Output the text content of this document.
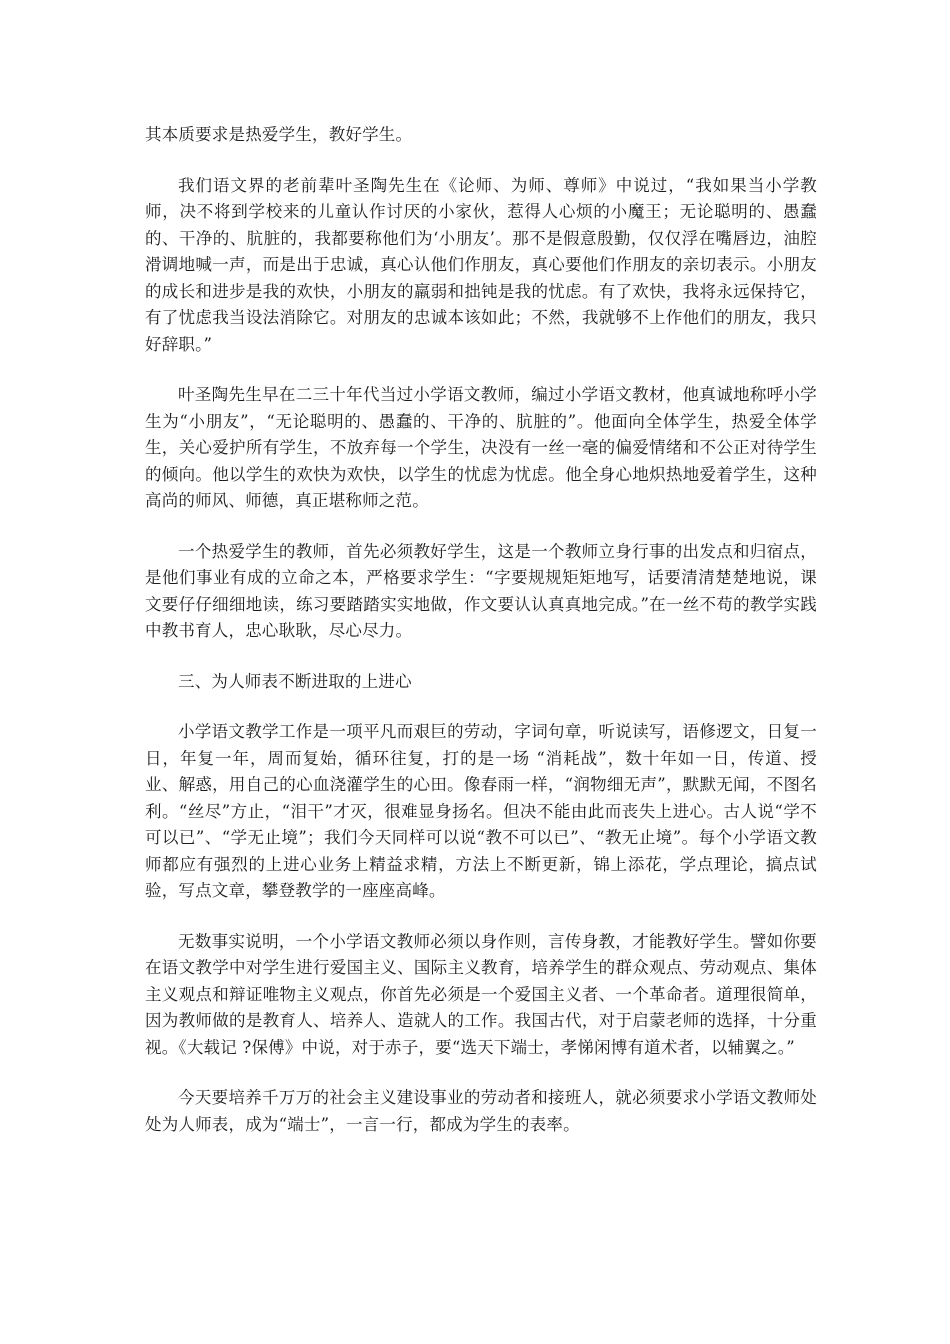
其本质要求是热爱学生，教好学生。

我们语文界的老前辈叶圣陶先生在《论师、为师、尊师》中说过，“我如果当小学教师，决不将到学校来的儿童认作讨厌的小家伙，惹得人心烦的小魔王；无论聪明的、愚蠢的、干净的、肮脏的，我都要称他们为‘小朋友’。那不是假意殷勤，仅仅浮在嘴唇边，油腔滑调地喊一声，而是出于忠诚，真心认他们作朋友，真心要他们作朋友的亲切表示。小朋友的成长和进步是我的欢快，小朋友的羸弱和拙钝是我的忧虑。有了欢快，我将永远保持它，有了忧虑我当设法消除它。对朋友的忠诚本该如此；不然，我就够不上作他们的朋友，我只好辞职。”

叶圣陶先生早在二三十年代当过小学语文教师，编过小学语文教材，他真诚地称呼小学生为“小朋友”，“无论聪明的、愚蠢的、干净的、肮脏的”。他面向全体学生，热爱全体学生，关心爱护所有学生，不放弃每一个学生，决没有一丝一毫的偏爱情绪和不公正对待学生的倾向。他以学生的欢快为欢快，以学生的忧虑为忧虑。他全身心地炽热地爱着学生，这种高尚的师风、师德，真正堪称师之范。

一个热爱学生的教师，首先必须教好学生，这是一个教师立身行事的出发点和归宿点，是他们事业有成的立命之本，严格要求学生：“字要规规矩矩地写，话要清清楚楚地说，课文要仔仔细细地读，练习要踏踏实实地做，作文要认认真真地完成。”在一丝不苟的教学实践中教书育人，忠心耿耿，尽心尽力。

三、为人师表不断进取的上进心

小学语文教学工作是一项平凡而艰巨的劳动，字词句章，听说读写，语修逻文，日复一日，年复一年，周而复始，循环往复，打的是一场 “消耗战”，数十年如一日，传道、授业、解惑，用自己的心血浇灌学生的心田。像春雨一样，“润物细无声”，默默无闻，不图名利。“丝尽”方止，“泪干”才灭，很难显身扬名。但决不能由此而丧失上进心。古人说“学不可以已”、“学无止境”；我们今天同样可以说“教不可以已”、“教无止境”。每个小学语文教师都应有强烈的上进心业务上精益求精，方法上不断更新，锦上添花，学点理论，搞点试验，写点文章，攀登教学的一座座高峰。

无数事实说明，一个小学语文教师必须以身作则，言传身教，才能教好学生。譬如你要在语文教学中对学生进行爱国主义、国际主义教育，培养学生的群众观点、劳动观点、集体主义观点和辩证唯物主义观点，你首先必须是一个爱国主义者、一个革命者。道理很简单，因为教师做的是教育人、培养人、造就人的工作。我国古代，对于启蒙老师的选择，十分重视。《大载记 ?保傅》中说，对于赤子，要“选天下端士，孝悌闲博有道术者，以辅翼之。”

今天要培养千万万的社会主义建设事业的劳动者和接班人，就必须要求小学语文教师处处为人师表，成为“端士”，一言一行，都成为学生的表率。
